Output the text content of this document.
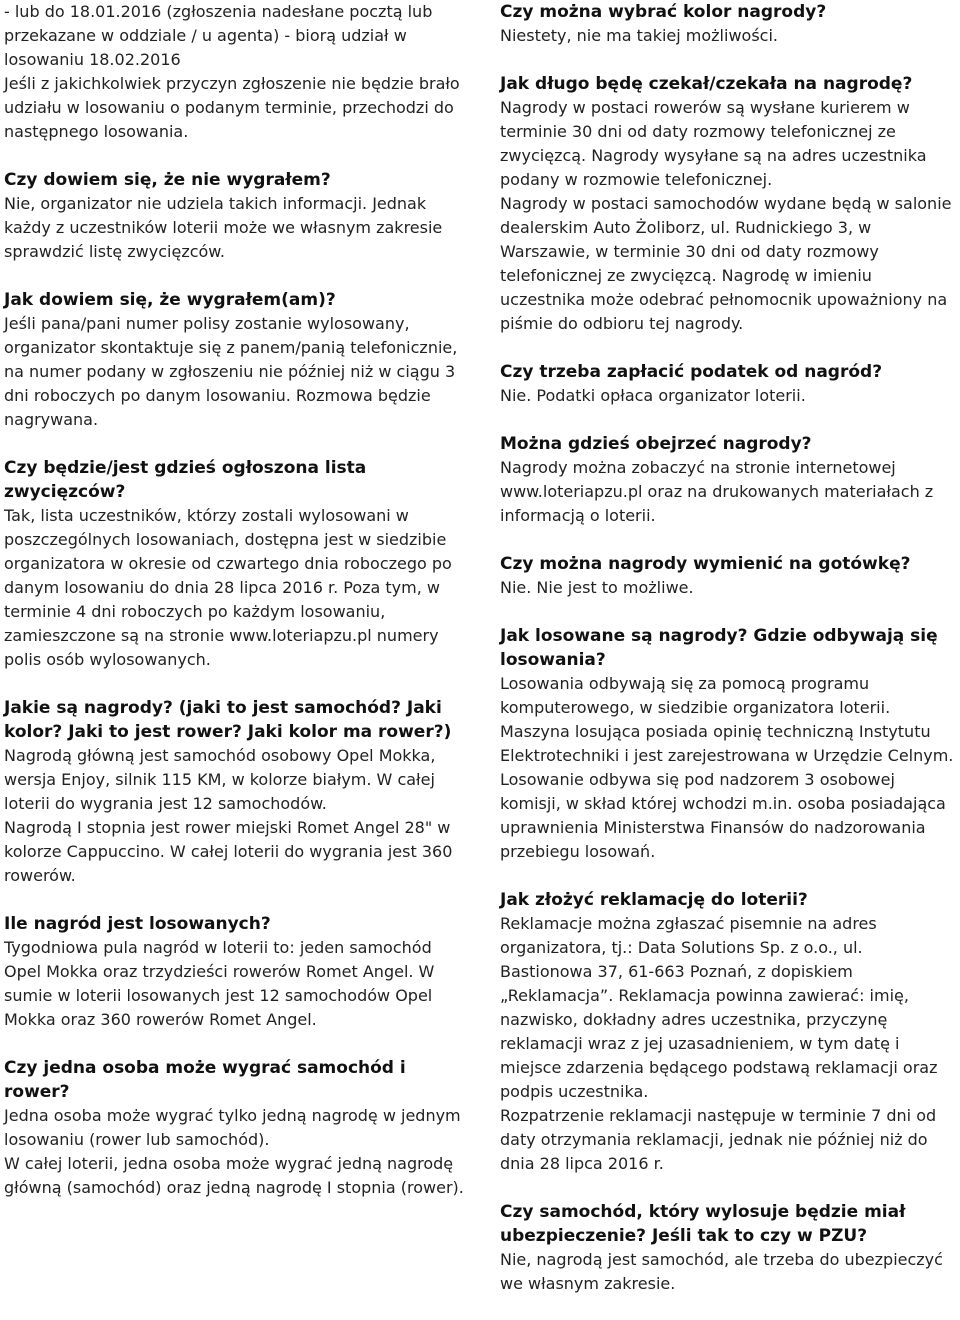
- lub do 18.01.2016 (zgłoszenia nadesłane pocztą lub przekazane w oddziale / u agenta) - biorą udział w losowaniu 18.02.2016
Jeśli z jakichkolwiek przyczyn zgłoszenie nie będzie brało udziału w losowaniu o podanym terminie, przechodzi do następnego losowania.

Czy dowiem się, że nie wygrałem?

Nie, organizator nie udziela takich informacji. Jednak każdy z uczestników loterii może we własnym zakresie sprawdzić listę zwycięzców.

Jak dowiem się, że wygrałem(am)?

Jeśli pana/pani numer polisy zostanie wylosowany, organizator skontaktuje się z panem/panią telefonicznie, na numer podany w zgłoszeniu nie później niż w ciągu 3 dni roboczych po danym losowaniu. Rozmowa będzie nagrywana.

Czy będzie/jest gdzieś ogłoszona lista zwycięzców?

Tak, lista uczestników, którzy zostali wylosowani w poszczególnych losowaniach, dostępna jest w siedzibie organizatora w okresie od czwartego dnia roboczego po danym losowaniu do dnia 28 lipca 2016 r. Poza tym, w terminie 4 dni roboczych po każdym losowaniu, zamieszczone są na stronie www.loteriapzu.pl numery polis osób wylosowanych.

Jakie są nagrody? (jaki to jest samochód? Jaki kolor? Jaki to jest rower? Jaki kolor ma rower?)

Nagrodą główną jest samochód osobowy Opel Mokka, wersja Enjoy, silnik 115 KM, w kolorze białym. W całej loterii do wygrania jest 12 samochodów.
Nagrodą I stopnia jest rower miejski Romet Angel 28" w kolorze Cappuccino. W całej loterii do wygrania jest 360 rowerów.

Ile nagród jest losowanych?

Tygodniowa pula nagród w loterii to: jeden samochód Opel Mokka oraz trzydzieści rowerów Romet Angel. W sumie w loterii losowanych jest 12 samochodów Opel Mokka oraz 360 rowerów Romet Angel.

Czy jedna osoba może wygrać samochód i rower?

Jedna osoba może wygrać tylko jedną nagrodę w jednym losowaniu (rower lub samochód).
W całej loterii, jedna osoba może wygrać jedną nagrodę główną (samochód) oraz jedną nagrodę I stopnia (rower).

Czy można wybrać kolor nagrody?

Niestety, nie ma takiej możliwości.

Jak długo będę czekał/czekała na nagrodę?

Nagrody w postaci rowerów są wysłane kurierem w terminie 30 dni od daty rozmowy telefonicznej ze zwycięzcą. Nagrody wysyłane są na adres uczestnika podany w rozmowie telefonicznej.
Nagrody w postaci samochodów wydane będą w salonie dealerskim Auto Żoliborz, ul. Rudnickiego 3, w Warszawie, w terminie 30 dni od daty rozmowy telefonicznej ze zwycięzcą. Nagrodę w imieniu uczestnika może odebrać pełnomocnik upoważniony na piśmie do odbioru tej nagrody.

Czy trzeba zapłacić podatek od nagród?

Nie. Podatki opłaca organizator loterii.

Można gdzieś obejrzeć nagrody?

Nagrody można zobaczyć na stronie internetowej www.loteriapzu.pl oraz na drukowanych materiałach z informacją o loterii.

Czy można nagrody wymienić na gotówkę?

Nie. Nie jest to możliwe.

Jak losowane są nagrody? Gdzie odbywają się losowania?

Losowania odbywają się za pomocą programu komputerowego, w siedzibie organizatora loterii. Maszyna losująca posiada opinię techniczną Instytutu Elektrotechniki i jest zarejestrowana w Urzędzie Celnym. Losowanie odbywa się pod nadzorem 3 osobowej komisji, w skład której wchodzi m.in. osoba posiadająca uprawnienia Ministerstwa Finansów do nadzorowania przebiegu losowań.

Jak złożyć reklamację do loterii?

Reklamacje można zgłaszać pisemnie na adres organizatora, tj.: Data Solutions Sp. z o.o., ul. Bastionowa 37, 61-663 Poznań, z dopiskiem „Reklamacja”. Reklamacja powinna zawierać: imię, nazwisko, dokładny adres uczestnika, przyczynę reklamacji wraz z jej uzasadnieniem, w tym datę i miejsce zdarzenia będącego podstawą reklamacji oraz podpis uczestnika.
Rozpatrzenie reklamacji następuje w terminie 7 dni od daty otrzymania reklamacji, jednak nie później niż do dnia 28 lipca 2016 r.

Czy samochód, który wylosuje będzie miał ubezpieczenie? Jeśli tak to czy w PZU?

Nie, nagrodą jest samochód, ale trzeba do ubezpieczyć we własnym zakresie.
